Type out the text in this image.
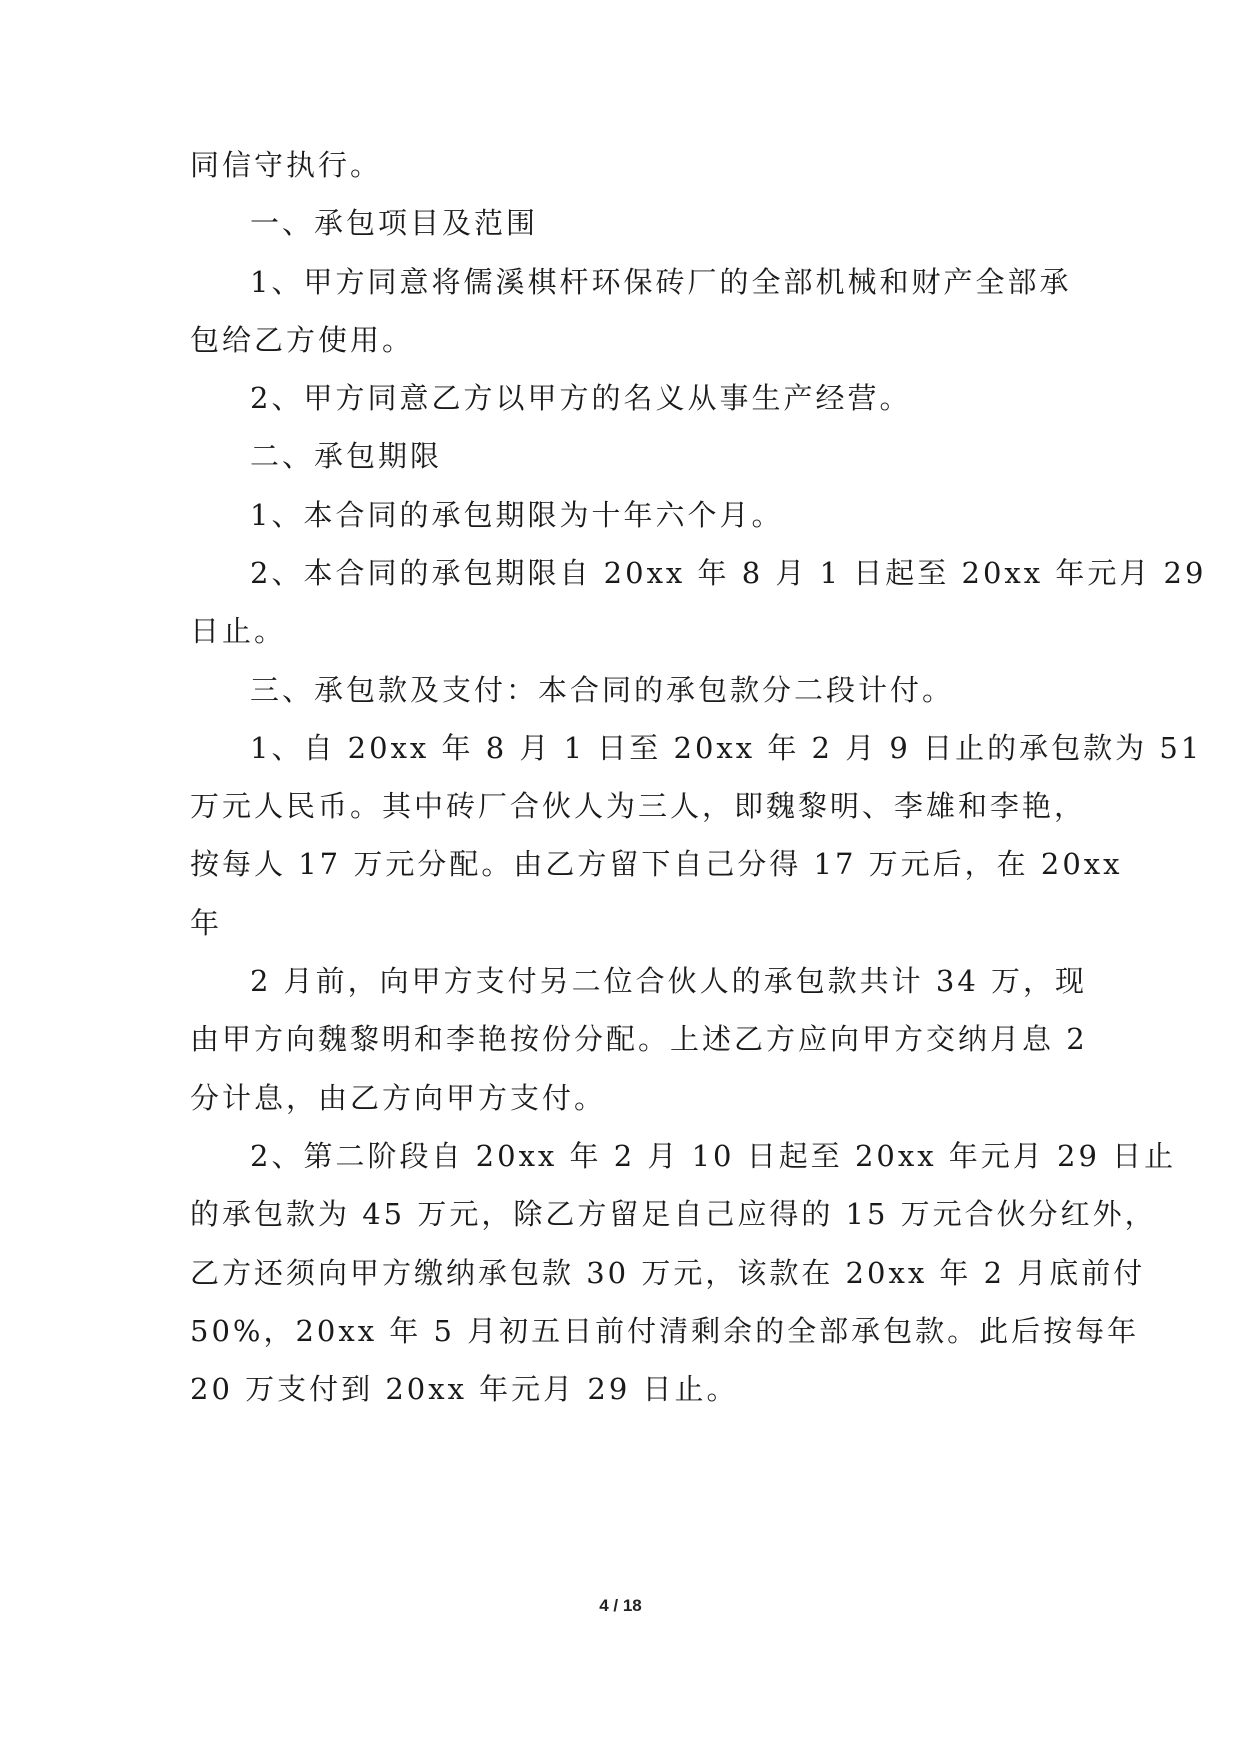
同信守执行。
一、承包项目及范围
1、甲方同意将儒溪棋杆环保砖厂的全部机械和财产全部承
包给乙方使用。
2、甲方同意乙方以甲方的名义从事生产经营。
二、承包期限
1、本合同的承包期限为十年六个月。
2、本合同的承包期限自 20xx 年 8 月 1 日起至 20xx 年元月 29
日止。
三、承包款及支付：本合同的承包款分二段计付。
1、自 20xx 年 8 月 1 日至 20xx 年 2 月 9 日止的承包款为 51
万元人民币。其中砖厂合伙人为三人，即魏黎明、李雄和李艳，
按每人 17 万元分配。由乙方留下自己分得 17 万元后，在 20xx
年
2 月前，向甲方支付另二位合伙人的承包款共计 34 万，现
由甲方向魏黎明和李艳按份分配。上述乙方应向甲方交纳月息 2
分计息，由乙方向甲方支付。
2、第二阶段自 20xx 年 2 月 10 日起至 20xx 年元月 29 日止
的承包款为 45 万元，除乙方留足自己应得的 15 万元合伙分红外，
乙方还须向甲方缴纳承包款 30 万元，该款在 20xx 年 2 月底前付
50%，20xx 年 5 月初五日前付清剩余的全部承包款。此后按每年
20 万支付到 20xx 年元月 29 日止。
4 / 18
